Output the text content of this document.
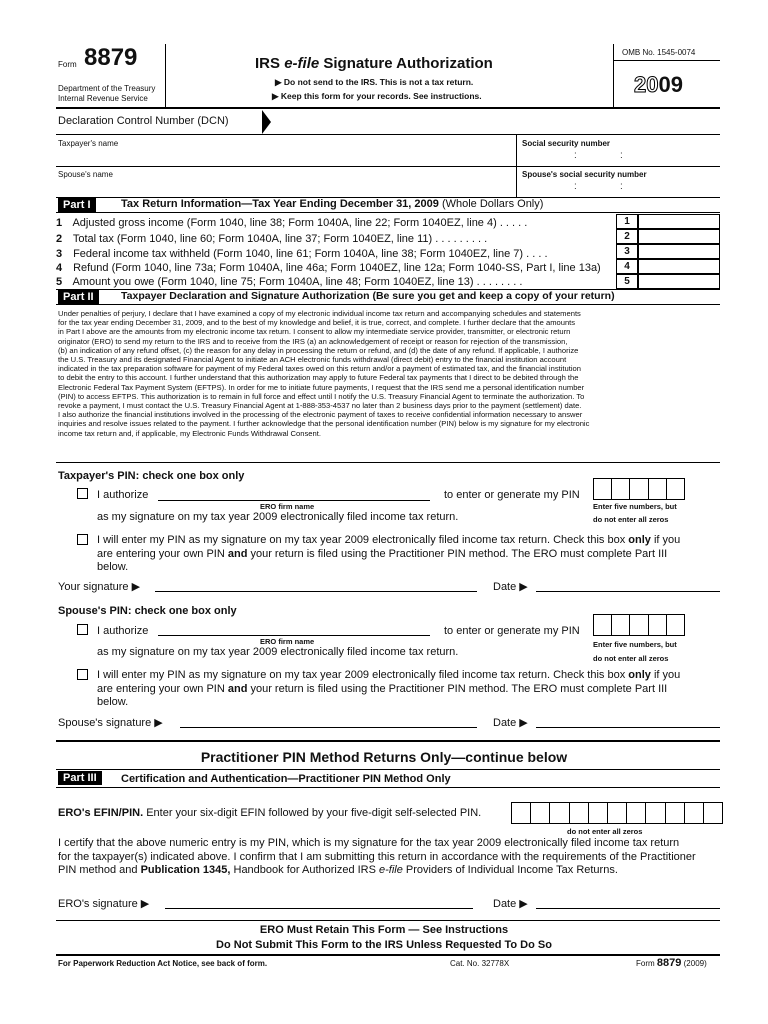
Form 8879
Department of the Treasury
Internal Revenue Service
IRS e-file Signature Authorization
▶ Do not send to the IRS. This is not a tax return.
▶ Keep this form for your records. See instructions.
OMB No. 1545-0074
2009
Declaration Control Number (DCN)
Taxpayer's name	Social security number
:	:
Spouse's name	Spouse's social security number
:	:
Part I	Tax Return Information—Tax Year Ending December 31, 2009 (Whole Dollars Only)
1 Adjusted gross income (Form 1040, line 38; Form 1040A, line 22; Form 1040EZ, line 4) . . . . .	1
2 Total tax (Form 1040, line 60; Form 1040A, line 37; Form 1040EZ, line 11) . . . . . . . . .	2
3 Federal income tax withheld (Form 1040, line 61; Form 1040A, line 38; Form 1040EZ, line 7) . . . .	3
4 Refund (Form 1040, line 73a; Form 1040A, line 46a; Form 1040EZ, line 12a; Form 1040-SS, Part I, line 13a)	4
5 Amount you owe (Form 1040, line 75; Form 1040A, line 48; Form 1040EZ, line 13) . . . . . . . .	5
Part II	Taxpayer Declaration and Signature Authorization (Be sure you get and keep a copy of your return)
Under penalties of perjury, I declare that I have examined a copy of my electronic individual income tax return and accompanying schedules and statements
for the tax year ending December 31, 2009, and to the best of my knowledge and belief, it is true, correct, and complete. I further declare that the amounts
in Part I above are the amounts from my electronic income tax return. I consent to allow my intermediate service provider, transmitter, or electronic return
originator (ERO) to send my return to the IRS and to receive from the IRS (a) an acknowledgement of receipt or reason for rejection of the transmission,
(b) an indication of any refund offset, (c) the reason for any delay in processing the return or refund, and (d) the date of any refund. If applicable, I authorize
the U.S. Treasury and its designated Financial Agent to initiate an ACH electronic funds withdrawal (direct debit) entry to the financial institution account
indicated in the tax preparation software for payment of my Federal taxes owed on this return and/or a payment of estimated tax, and the financial institution
to debit the entry to this account. I further understand that this authorization may apply to future Federal tax payments that I direct to be debited through the
Electronic Federal Tax Payment System (EFTPS). In order for me to initiate future payments, I request that the IRS send me a personal identification number
(PIN) to access EFTPS. This authorization is to remain in full force and effect until I notify the U.S. Treasury Financial Agent to terminate the authorization. To
revoke a payment, I must contact the U.S. Treasury Financial Agent at 1-888-353-4537 no later than 2 business days prior to the payment (settlement) date.
I also authorize the financial institutions involved in the processing of the electronic payment of taxes to receive confidential information necessary to answer
inquiries and resolve issues related to the payment. I further acknowledge that the personal identification number (PIN) below is my signature for my electronic
income tax return and, if applicable, my Electronic Funds Withdrawal Consent.
Taxpayer's PIN: check one box only
I authorize
ERO firm name
to enter or generate my PIN
as my signature on my tax year 2009 electronically filed income tax return.
Enter five numbers, but
do not enter all zeros
I will enter my PIN as my signature on my tax year 2009 electronically filed income tax return. Check this box only if you
are entering your own PIN and your return is filed using the Practitioner PIN method. The ERO must complete Part III
below.
Your signature ▶	Date ▶
Spouse's PIN: check one box only
I authorize
ERO firm name
to enter or generate my PIN
as my signature on my tax year 2009 electronically filed income tax return.
Enter five numbers, but
do not enter all zeros
I will enter my PIN as my signature on my tax year 2009 electronically filed income tax return. Check this box only if you
are entering your own PIN and your return is filed using the Practitioner PIN method. The ERO must complete Part III
below.
Spouse's signature ▶	Date ▶
Practitioner PIN Method Returns Only—continue below
Part III	Certification and Authentication—Practitioner PIN Method Only
ERO's EFIN/PIN. Enter your six-digit EFIN followed by your five-digit self-selected PIN.
do not enter all zeros
I certify that the above numeric entry is my PIN, which is my signature for the tax year 2009 electronically filed income tax return
for the taxpayer(s) indicated above. I confirm that I am submitting this return in accordance with the requirements of the Practitioner
PIN method and Publication 1345, Handbook for Authorized IRS e-file Providers of Individual Income Tax Returns.
ERO's signature ▶	Date ▶
ERO Must Retain This Form — See Instructions
Do Not Submit This Form to the IRS Unless Requested To Do So
For Paperwork Reduction Act Notice, see back of form.	Cat. No. 32778X	Form 8879 (2009)
